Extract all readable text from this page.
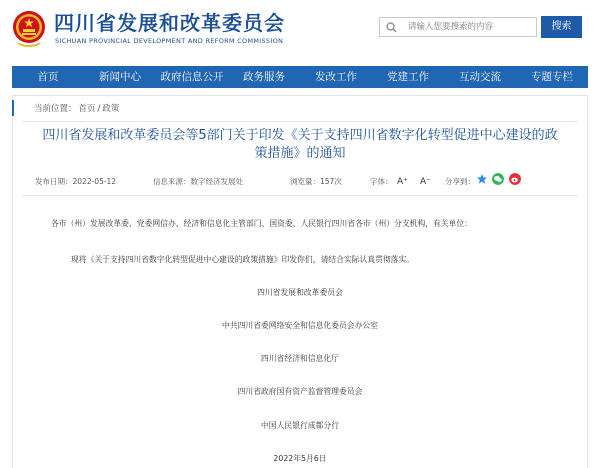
四川省发展和改革委员会
SICHUAN PROVINCIAL DEVELOPMENT AND REFORM COMMISSION
请输入您要搜索的内容
搜索
首页	新闻中心	政府信息公开	政务服务	发改工作	党建工作	互动交流	专题专栏
当前位置： 首页 / 政策
四川省发展和改革委员会等5部门关于印发《关于支持四川省数字化转型促进中心建设的政策措施》的通知
发布日期：2022-05-12	信息来源：数字经济发展处	浏览量：157次	字体： A⁺ A⁻ 分享到：
各市（州）发展改革委、党委网信办、经济和信息化主管部门、国资委，人民银行四川省各市（州）分支机构，有关单位：
现将《关于支持四川省数字化转型促进中心建设的政策措施》印发你们，请结合实际认真贯彻落实。
四川省发展和改革委员会
中共四川省委网络安全和信息化委员会办公室
四川省经济和信息化厅
四川省政府国有资产监督管理委员会
中国人民银行成都分行
2022年5月6日
